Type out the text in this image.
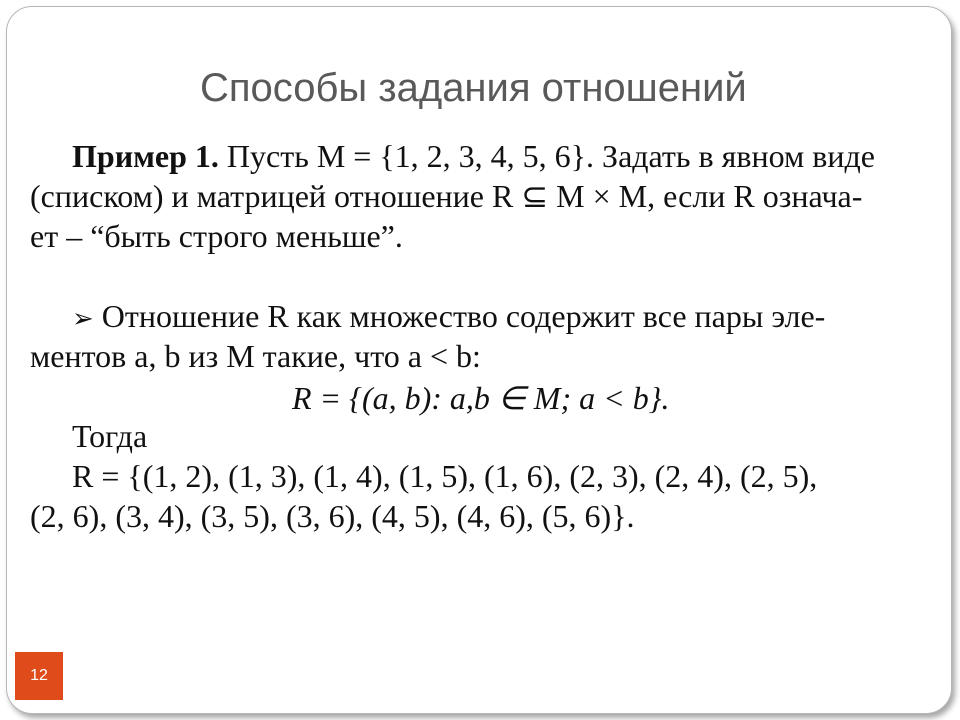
Способы задания отношений
Пример 1. Пусть M = {1, 2, 3, 4, 5, 6}. Задать в явном виде
(списком) и матрицей отношение R ⊆ M × M, если R означа-
ет – “быть строго меньше”.
➢ Отношение R как множество содержит все пары эле-
ментов a, b из M такие, что a < b:
R = {(a, b): a,b ∈ M; a < b}.
Тогда
R = {(1, 2), (1, 3), (1, 4), (1, 5), (1, 6), (2, 3), (2, 4), (2, 5),
(2, 6), (3, 4), (3, 5), (3, 6), (4, 5), (4, 6), (5, 6)}.
12
